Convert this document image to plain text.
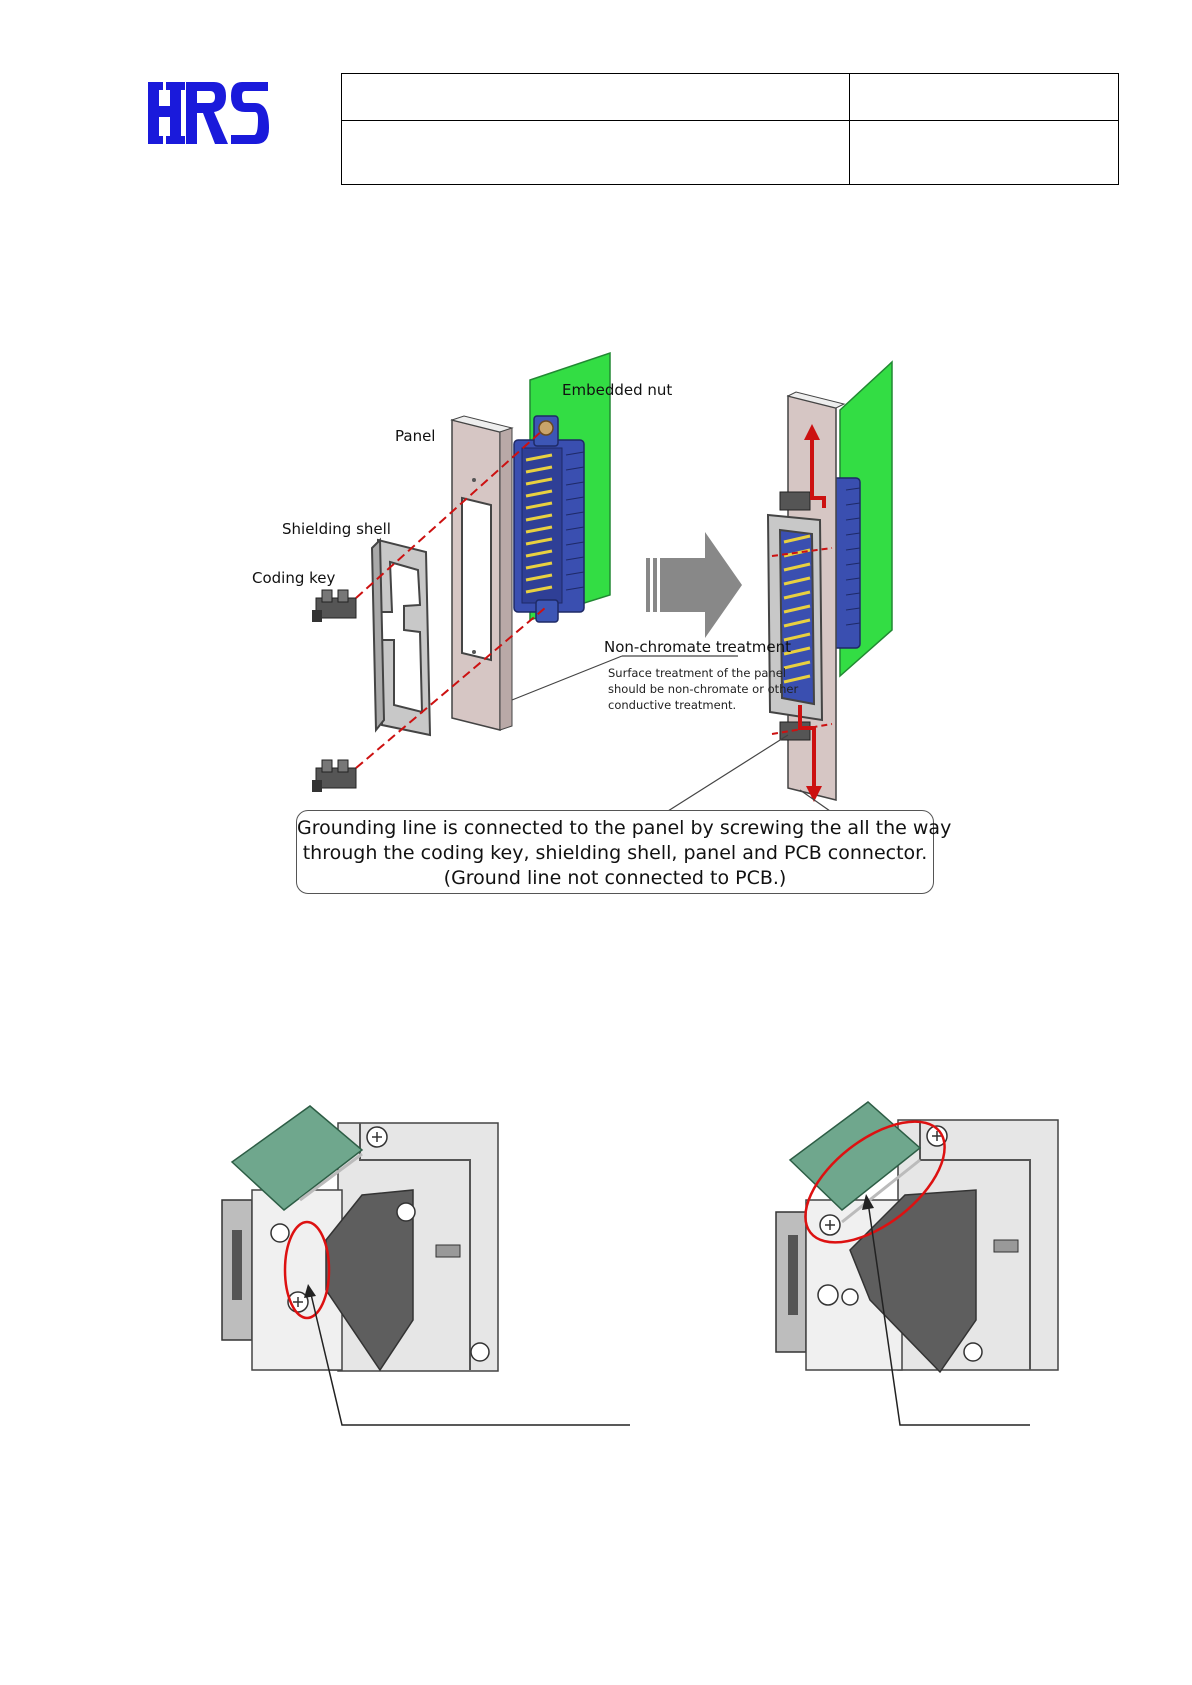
Embedded nut
Panel
Shielding shell
Coding key
Non-chromate treatment
Surface treatment of the panel should be non-chromate or other conductive treatment.
Grounding line is connected to the panel by screwing the all the way
through the coding key, shielding shell, panel and PCB connector.
(Ground line not connected to PCB.)
